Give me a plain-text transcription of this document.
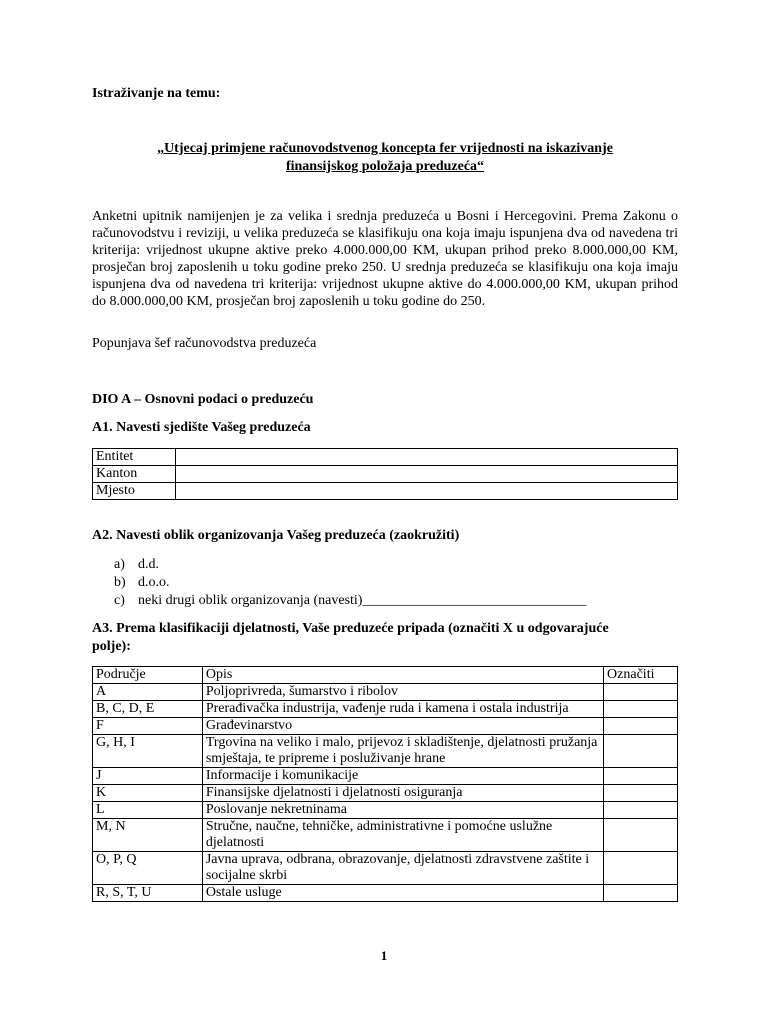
Istraživanje na temu:
„Utjecaj primjene računovodstvenog koncepta fer vrijednosti na iskazivanje
finansijskog položaja preduzeća“
Anketni upitnik namijenjen je za velika i srednja preduzeća u Bosni i Hercegovini. Prema Zakonu o računovodstvu i reviziji, u velika preduzeća se klasifikuju ona koja imaju ispunjena dva od navedena tri kriterija: vrijednost ukupne aktive preko 4.000.000,00 KM, ukupan prihod preko 8.000.000,00 KM, prosječan broj zaposlenih u toku godine preko 250. U srednja preduzeća se klasifikuju ona koja imaju ispunjena dva od navedena tri kriterija: vrijednost ukupne aktive do 4.000.000,00 KM, ukupan prihod do 8.000.000,00 KM, prosječan broj zaposlenih u toku godine do 250.
Popunjava šef računovodstva preduzeća
DIO A – Osnovni podaci o preduzeću
A1. Navesti sjedište Vašeg preduzeća
Entitet	
Kanton	
Mjesto	
A2. Navesti oblik organizovanja Vašeg preduzeća (zaokružiti)
a) d.d.
b) d.o.o.
c) neki drugi oblik organizovanja (navesti)________________________________
A3. Prema klasifikaciji djelatnosti, Vaše preduzeće pripada (označiti X u odgovarajuće
polje):
Područje	Opis	Označiti
A	Poljoprivreda, šumarstvo i ribolov	
B, C, D, E	Prerađivačka industrija, vađenje ruda i kamena i ostala industrija	
F	Građevinarstvo	
G, H, I	Trgovina na veliko i malo, prijevoz i skladištenje, djelatnosti pružanja smještaja, te pripreme i posluživanje hrane	
J	Informacije i komunikacije	
K	Finansijske djelatnosti i djelatnosti osiguranja	
L	Poslovanje nekretninama	
M, N	Stručne, naučne, tehničke, administrativne i pomoćne uslužne djelatnosti	
O, P, Q	Javna uprava, odbrana, obrazovanje, djelatnosti zdravstvene zaštite i socijalne skrbi	
R, S, T, U	Ostale usluge	
1
